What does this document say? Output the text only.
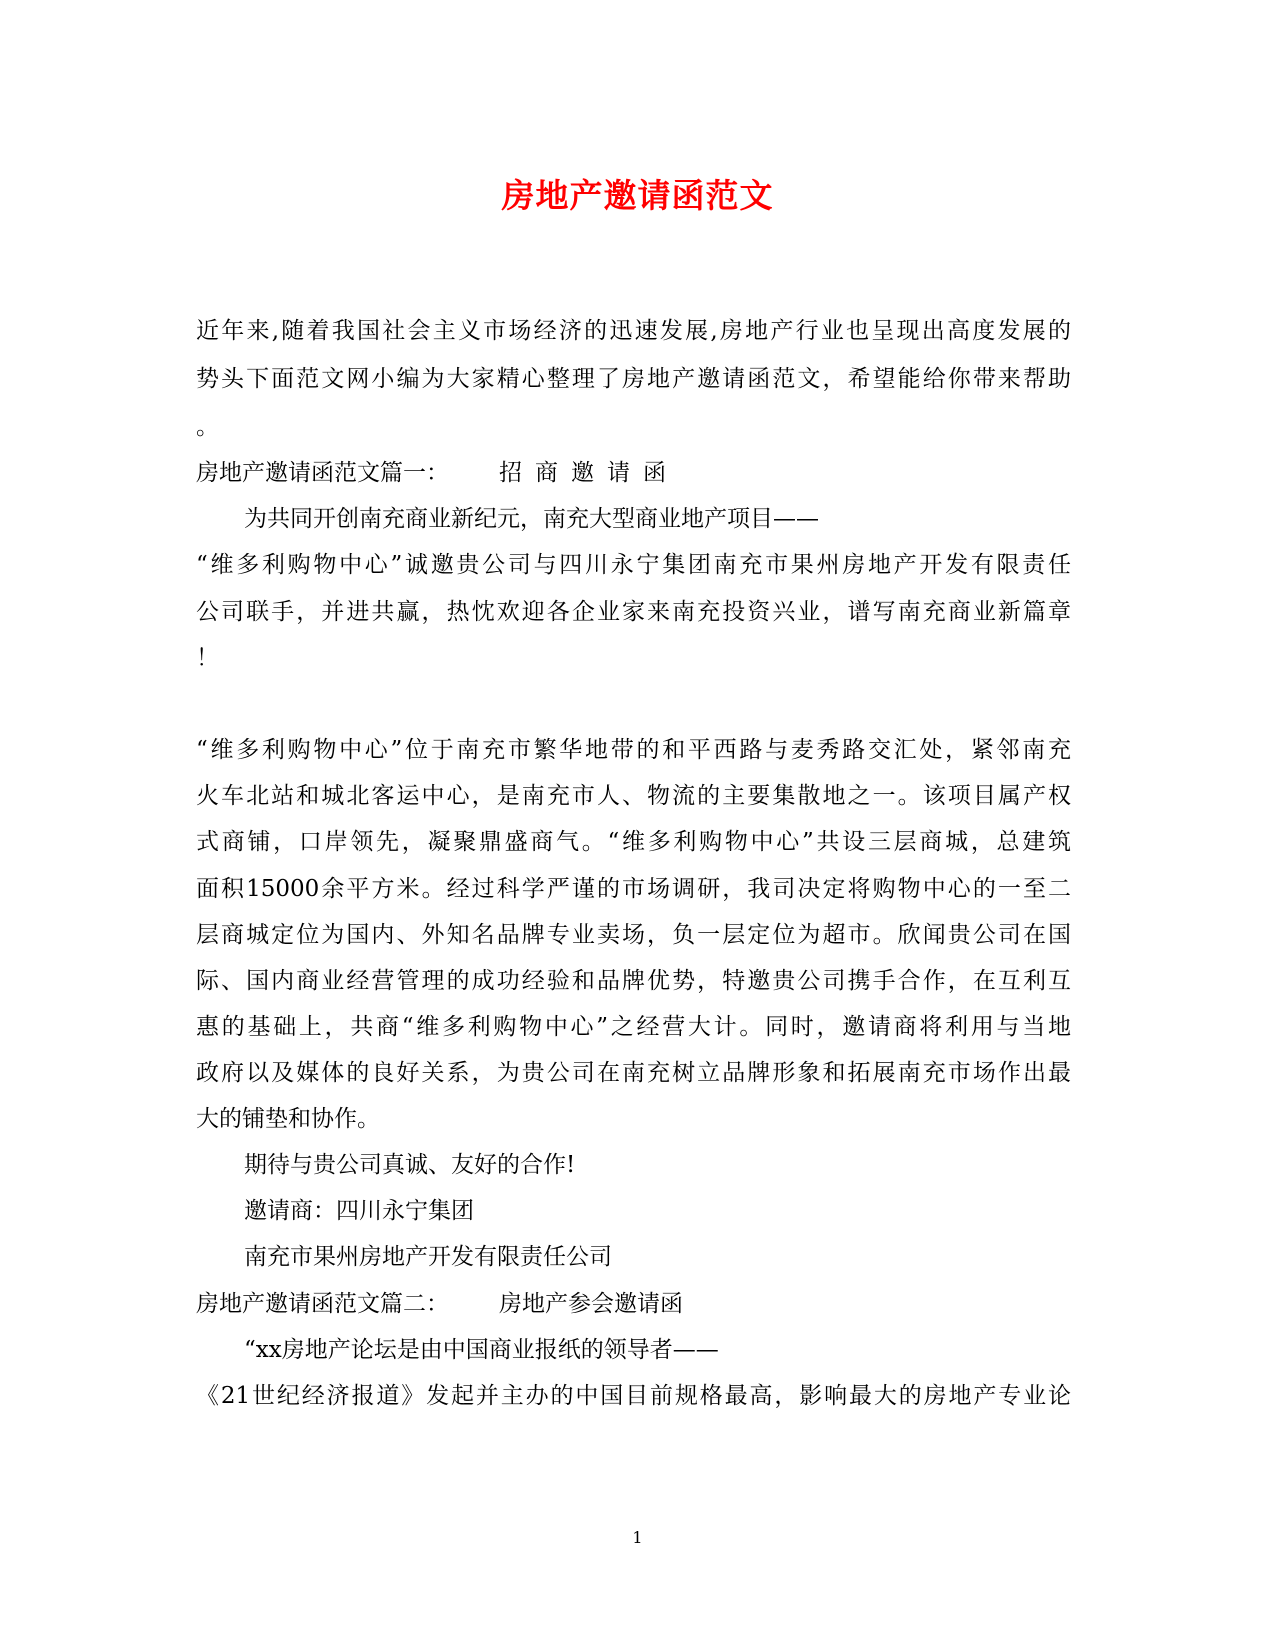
房地产邀请函范文
近年来,随着我国社会主义市场经济的迅速发展,房地产行业也呈现出高度发展的
势头下面范文网小编为大家精心整理了房地产邀请函范文，希望能给你带来帮助
。
房地产邀请函范文篇一： 招商邀请函
为共同开创南充商业新纪元，南充大型商业地产项目——
“维多利购物中心”诚邀贵公司与四川永宁集团南充市果州房地产开发有限责任
公司联手，并进共赢，热忱欢迎各企业家来南充投资兴业，谱写南充商业新篇章
！
“维多利购物中心”位于南充市繁华地带的和平西路与麦秀路交汇处，紧邻南充
火车北站和城北客运中心，是南充市人、物流的主要集散地之一。该项目属产权
式商铺，口岸领先，凝聚鼎盛商气。“维多利购物中心”共设三层商城，总建筑
面积15000余平方米。经过科学严谨的市场调研，我司决定将购物中心的一至二
层商城定位为国内、外知名品牌专业卖场，负一层定位为超市。欣闻贵公司在国
际、国内商业经营管理的成功经验和品牌优势，特邀贵公司携手合作，在互利互
惠的基础上，共商“维多利购物中心”之经营大计。同时，邀请商将利用与当地
政府以及媒体的良好关系，为贵公司在南充树立品牌形象和拓展南充市场作出最
大的铺垫和协作。
期待与贵公司真诚、友好的合作!
邀请商：四川永宁集团
南充市果州房地产开发有限责任公司
房地产邀请函范文篇二： 房地产参会邀请函
“xx房地产论坛是由中国商业报纸的领导者——
《21世纪经济报道》发起并主办的中国目前规格最高，影响最大的房地产专业论
1
